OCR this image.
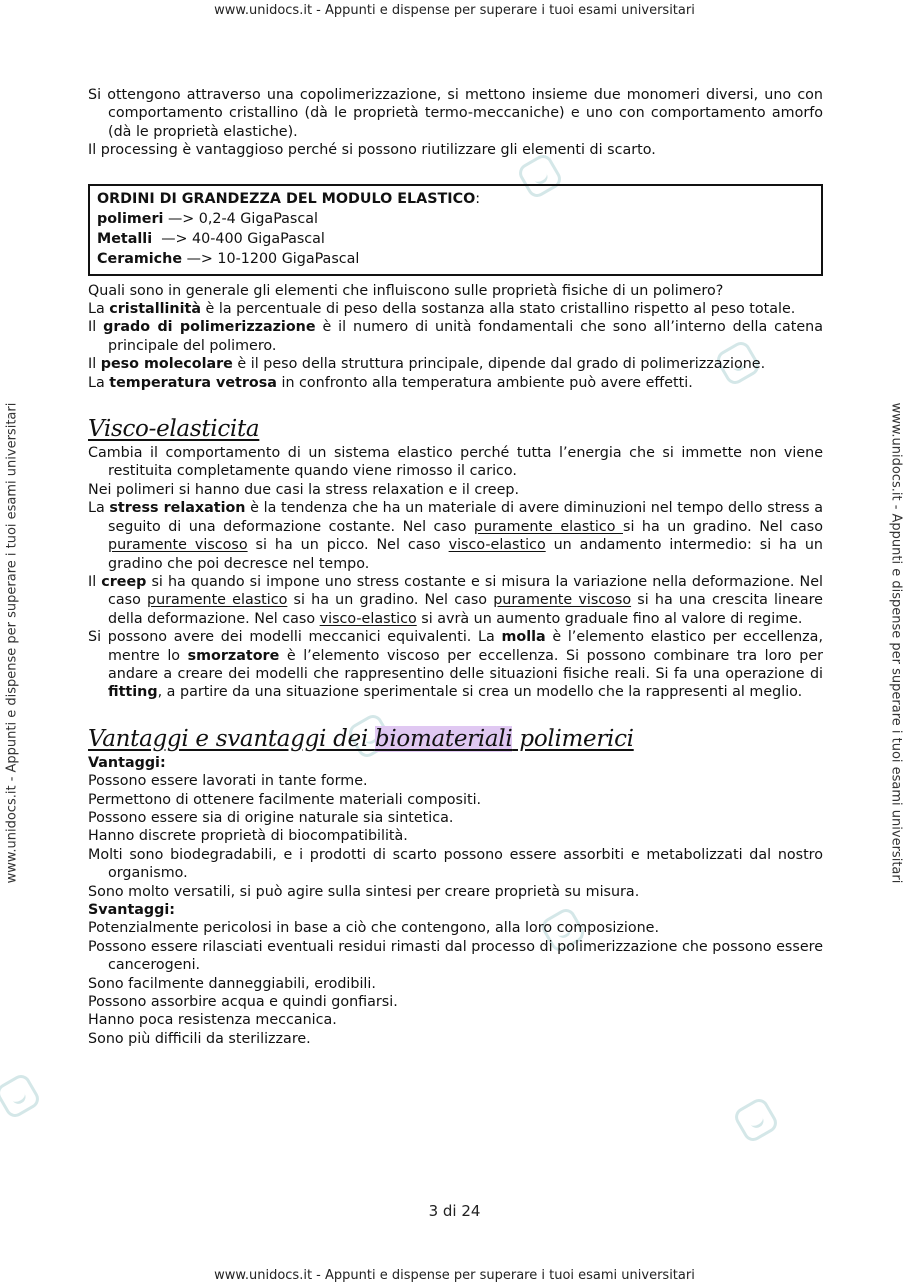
www.unidocs.it - Appunti e dispense per superare i tuoi esami universitari
www.unidocs.it - Appunti e dispense per superare i tuoi esami universitari	www.unidocs.it - Appunti e dispense per superare i tuoi esami universitari

Si ottengono attraverso una copolimerizzazione, si mettono insieme due monomeri diversi, uno con comportamento cristallino (dà le proprietà termo-meccaniche) e uno con comportamento amorfo (dà le proprietà elastiche).

Il processing è vantaggioso perché si possono riutilizzare gli elementi di scarto.

ORDINI DI GRANDEZZA DEL MODULO ELASTICO:
polimeri —> 0,2-4 GigaPascal
Metalli  —> 40-400 GigaPascal
Ceramiche —> 10-1200 GigaPascal

Quali sono in generale gli elementi che influiscono sulle proprietà fisiche di un polimero?

La cristallinità è la percentuale di peso della sostanza alla stato cristallino rispetto al peso totale.

Il grado di polimerizzazione è il numero di unità fondamentali che sono all’interno della catena principale del polimero.

Il peso molecolare è il peso della struttura principale, dipende dal grado di polimerizzazione.

La temperatura vetrosa in confronto alla temperatura ambiente può avere effetti.

Visco-elasticita

Cambia il comportamento di un sistema elastico perché tutta l’energia che si immette non viene restituita completamente quando viene rimosso il carico.

Nei polimeri si hanno due casi la stress relaxation e il creep.

La stress relaxation è la tendenza che ha un materiale di avere diminuzioni nel tempo dello stress a seguito di una deformazione costante. Nel caso puramente elastico si ha un gradino. Nel caso puramente viscoso si ha un picco. Nel caso visco-elastico un andamento intermedio: si ha un gradino che poi decresce nel tempo.

Il creep si ha quando si impone uno stress costante e si misura la variazione nella deformazione. Nel caso puramente elastico si ha un gradino. Nel caso puramente viscoso si ha una crescita lineare della deformazione. Nel caso visco-elastico si avrà un aumento graduale fino al valore di regime.

Si possono avere dei modelli meccanici equivalenti. La molla è l’elemento elastico per eccellenza, mentre lo smorzatore è l’elemento viscoso per eccellenza. Si possono combinare tra loro per andare a creare dei modelli che rappresentino delle situazioni fisiche reali. Si fa una operazione di fitting, a partire da una situazione sperimentale si crea un modello che la rappresenti al meglio.

Vantaggi e svantaggi dei biomateriali polimerici

Vantaggi:

Possono essere lavorati in tante forme.

Permettono di ottenere facilmente materiali compositi.

Possono essere sia di origine naturale sia sintetica.

Hanno discrete proprietà di biocompatibilità.

Molti sono biodegradabili, e i prodotti di scarto possono essere assorbiti e metabolizzati dal nostro organismo.

Sono molto versatili, si può agire sulla sintesi per creare proprietà su misura.

Svantaggi:

Potenzialmente pericolosi in base a ciò che contengono, alla loro composizione.

Possono essere rilasciati eventuali residui rimasti dal processo di polimerizzazione che possono essere cancerogeni.

Sono facilmente danneggiabili, erodibili.

Possono assorbire acqua e quindi gonfiarsi.

Hanno poca resistenza meccanica.

Sono più difficili da sterilizzare.

3 di 24
www.unidocs.it - Appunti e dispense per superare i tuoi esami universitari
